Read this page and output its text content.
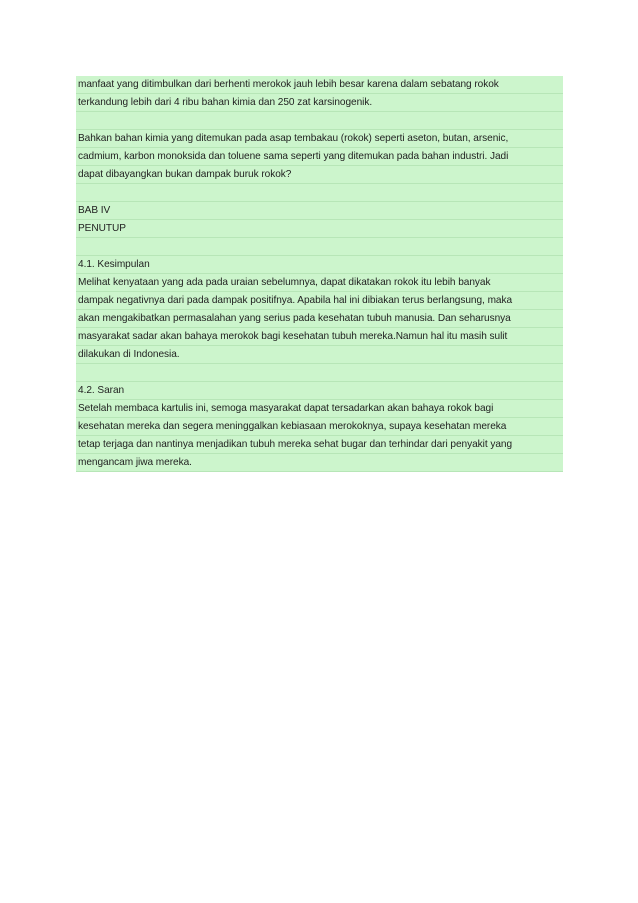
manfaat yang ditimbulkan dari berhenti merokok jauh lebih besar karena dalam sebatang rokok
terkandung lebih dari 4 ribu bahan kimia dan 250 zat karsinogenik.
Bahkan bahan kimia yang ditemukan pada asap tembakau (rokok) seperti aseton, butan, arsenic,
cadmium, karbon monoksida dan toluene sama seperti yang ditemukan pada bahan industri. Jadi
dapat dibayangkan bukan dampak buruk rokok?
BAB IV
PENUTUP
4.1. Kesimpulan
Melihat kenyataan yang ada pada uraian sebelumnya, dapat dikatakan rokok itu lebih banyak
dampak negativnya dari pada dampak positifnya. Apabila hal ini dibiakan terus berlangsung, maka
akan mengakibatkan permasalahan yang serius pada kesehatan tubuh manusia. Dan seharusnya
masyarakat sadar akan bahaya merokok bagi kesehatan tubuh mereka.Namun hal itu masih sulit
dilakukan di Indonesia.
4.2. Saran
Setelah membaca kartulis ini, semoga masyarakat dapat tersadarkan akan bahaya rokok bagi
kesehatan mereka dan segera meninggalkan kebiasaan merokoknya, supaya kesehatan mereka
tetap terjaga dan nantinya menjadikan tubuh mereka sehat bugar dan terhindar dari penyakit yang
mengancam jiwa mereka.
